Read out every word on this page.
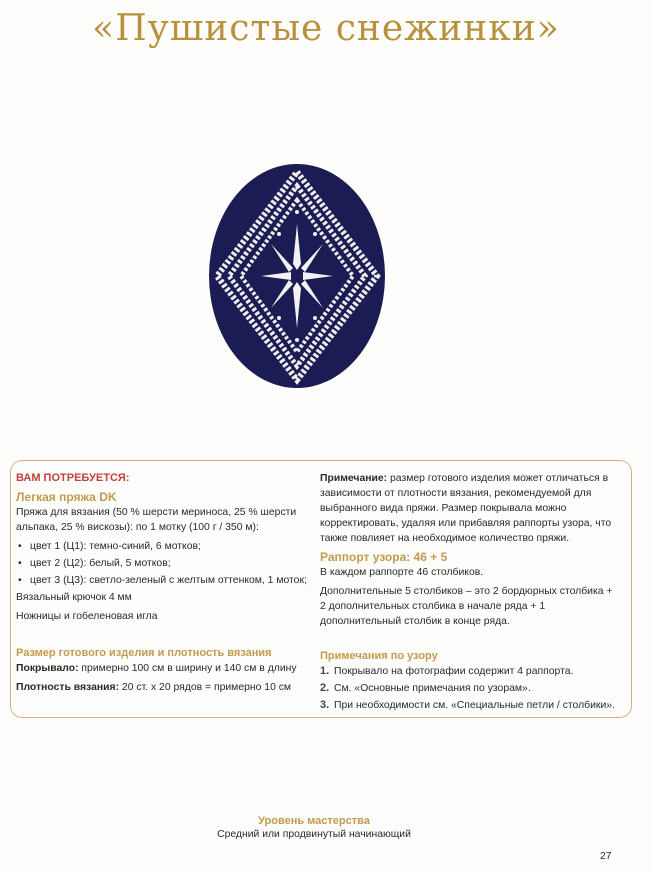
«Пушистые снежинки»

ВАМ ПОТРЕБУЕТСЯ:

Легкая пряжа DK

Пряжа для вязания (50 % шерсти мериноса, 25 % шерсти альпака, 25 % вискозы): по 1 мотку (100 г / 350 м):

• цвет 1 (Ц1): темно-синий, 6 мотков;
• цвет 2 (Ц2): белый, 5 мотков;
• цвет 3 (Ц3): светло-зеленый с желтым оттенком, 1 моток;

Вязальный крючок 4 мм

Ножницы и гобеленовая игла

Размер готового изделия и плотность вязания

Покрывало: примерно 100 см в ширину и 140 см в длину

Плотность вязания: 20 ст. х 20 рядов = примерно 10 см

Примечание: размер готового изделия может отличаться в зависимости от плотности вязания, рекомендуемой для выбранного вида пряжи. Размер покрывала можно корректировать, удаляя или прибавляя раппорты узора, что также повлияет на необходимое количество пряжи.

Раппорт узора: 46 + 5

В каждом раппорте 46 столбиков.

Дополнительные 5 столбиков – это 2 бордюрных столбика + 2 дополнительных столбика в начале ряда + 1 дополнительный столбик в конце ряда.

Примечания по узору

1. Покрывало на фотографии содержит 4 раппорта.
2. См. «Основные примечания по узорам».
3. При необходимости см. «Специальные петли / столбики».
Уровень мастерства
Средний или продвинутый начинающий
27
